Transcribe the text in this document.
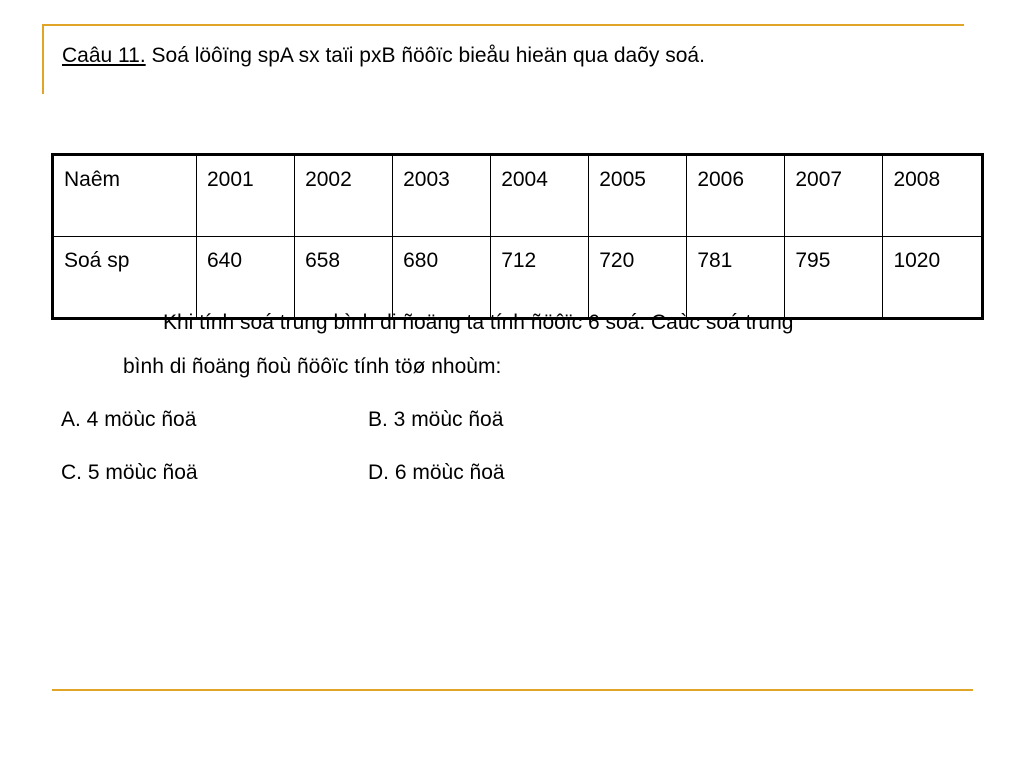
Caâu 11. Soá löôïng spA sx taïi pxB ñöôïc bieåu hieän qua daõy soá.
Naêm	2001	2002	2003	2004	2005	2006	2007	2008
Soá sp	640	658	680	712	720	781	795	1020
Khi tính soá trung bình di ñoäng ta tính ñöôïc 6 soá. Caùc soá trung
bình di ñoäng ñoù ñöôïc tính töø nhoùm:
A. 4 möùc ñoä	B. 3 möùc ñoä
C. 5 möùc ñoä	D. 6 möùc ñoä
